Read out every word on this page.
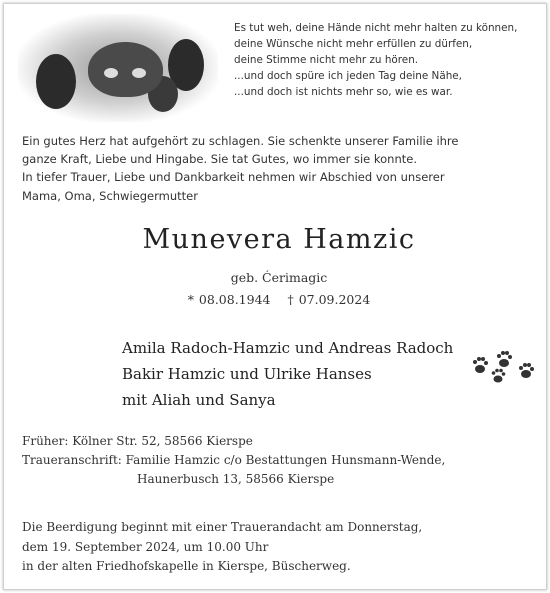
Es tut weh, deine Hände nicht mehr halten zu können,
deine Wünsche nicht mehr erfüllen zu dürfen,
deine Stimme nicht mehr zu hören.
...und doch spüre ich jeden Tag deine Nähe,
...und doch ist nichts mehr so, wie es war.
Ein gutes Herz hat aufgehört zu schlagen. Sie schenkte unserer Familie ihre
ganze Kraft, Liebe und Hingabe. Sie tat Gutes, wo immer sie konnte.
In tiefer Trauer, Liebe und Dankbarkeit nehmen wir Abschied von unserer
Mama, Oma, Schwiegermutter
Munevera Hamzic
geb. Ćerimagic
* 08.08.1944 † 07.09.2024
Amila Radoch-Hamzic und Andreas Radoch
Bakir Hamzic und Ulrike Hanses
mit Aliah und Sanya
Früher: Kölner Str. 52, 58566 Kierspe
Traueranschrift: Familie Hamzic c/o Bestattungen Hunsmann-Wende,
Haunerbusch 13, 58566 Kierspe
Die Beerdigung beginnt mit einer Trauerandacht am Donnerstag,
dem 19. September 2024, um 10.00 Uhr
in der alten Friedhofskapelle in Kierspe, Büscherweg.
